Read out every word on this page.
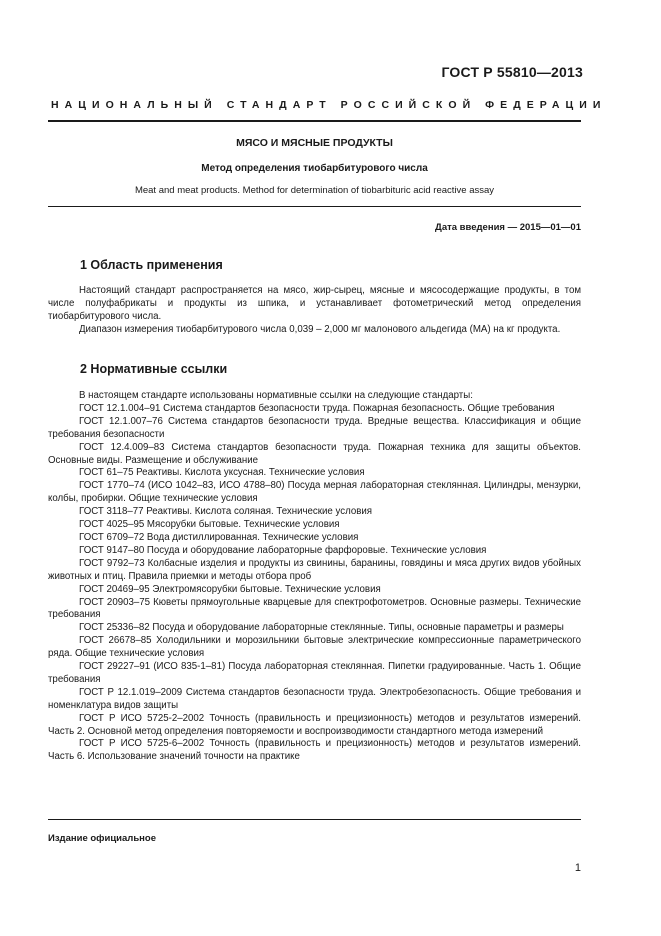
ГОСТ Р 55810—2013
НАЦИОНАЛЬНЫЙ СТАНДАРТ РОССИЙСКОЙ ФЕДЕРАЦИИ
МЯСО И МЯСНЫЕ ПРОДУКТЫ
Метод определения тиобарбитурового числа
Meat and meat products. Method for determination of tiobarbituric acid reactive assay
Дата введения — 2015—01—01
1 Область применения

Настоящий стандарт распространяется на мясо, жир-сырец, мясные и мясосодержащие продукты, в том числе полуфабрикаты и продукты из шпика, и устанавливает фотометрический метод определения тиобарбитурового числа.

Диапазон измерения тиобарбитурового числа 0,039 – 2,000 мг малонового альдегида (МА) на кг продукта.

2 Нормативные ссылки

В настоящем стандарте использованы нормативные ссылки на следующие стандарты:

ГОСТ 12.1.004–91 Система стандартов безопасности труда. Пожарная безопасность. Общие требования

ГОСТ 12.1.007–76 Система стандартов безопасности труда. Вредные вещества. Классификация и общие требования безопасности

ГОСТ 12.4.009–83 Система стандартов безопасности труда. Пожарная техника для защиты объектов. Основные виды. Размещение и обслуживание

ГОСТ 61–75 Реактивы. Кислота уксусная. Технические условия

ГОСТ 1770–74 (ИСО 1042–83, ИСО 4788–80) Посуда мерная лабораторная стеклянная. Цилиндры, мензурки, колбы, пробирки. Общие технические условия

ГОСТ 3118–77 Реактивы. Кислота соляная. Технические условия

ГОСТ 4025–95 Мясорубки бытовые. Технические условия

ГОСТ 6709–72 Вода дистиллированная. Технические условия

ГОСТ 9147–80 Посуда и оборудование лабораторные фарфоровые. Технические условия

ГОСТ 9792–73 Колбасные изделия и продукты из свинины, баранины, говядины и мяса других видов убойных животных и птиц. Правила приемки и методы отбора проб

ГОСТ 20469–95 Электромясорубки бытовые. Технические условия

ГОСТ 20903–75 Кюветы прямоугольные кварцевые для спектрофотометров. Основные размеры. Технические требования

ГОСТ 25336–82 Посуда и оборудование лабораторные стеклянные. Типы, основные параметры и размеры

ГОСТ 26678–85 Холодильники и морозильники бытовые электрические компрессионные параметрического ряда. Общие технические условия

ГОСТ 29227–91 (ИСО 835-1–81) Посуда лабораторная стеклянная. Пипетки градуированные. Часть 1. Общие требования

ГОСТ Р 12.1.019–2009 Система стандартов безопасности труда. Электробезопасность. Общие требования и номенклатура видов защиты

ГОСТ Р ИСО 5725-2–2002 Точность (правильность и прецизионность) методов и результатов измерений. Часть 2. Основной метод определения повторяемости и воспроизводимости стандартного метода измерений

ГОСТ Р ИСО 5725-6–2002 Точность (правильность и прецизионность) методов и результатов измерений. Часть 6. Использование значений точности на практике

Издание официальное
1
